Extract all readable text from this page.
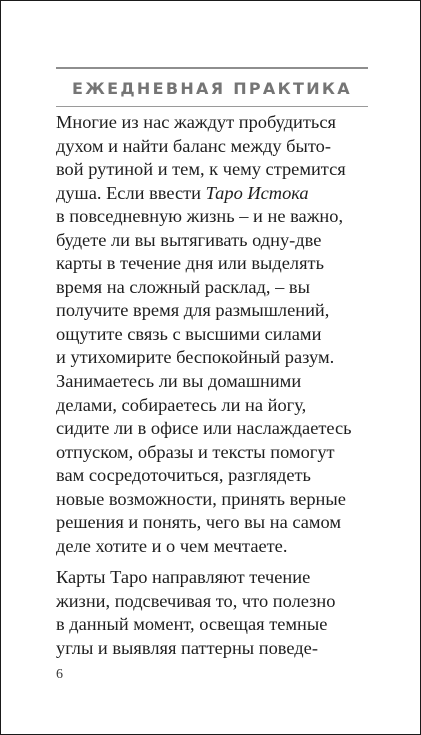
ЕЖЕДНЕВНАЯ ПРАКТИКА

Многие из нас жаждут пробудиться
духом и найти баланс между быто-
вой рутиной и тем, к чему стремится
душа. Если ввести Таро Истока
в повседневную жизнь – и не важно,
будете ли вы вытягивать одну-две
карты в течение дня или выделять
время на сложный расклад, – вы
получите время для размышлений,
ощутите связь с высшими силами
и утихомирите беспокойный разум.
Занимаетесь ли вы домашними
делами, собираетесь ли на йогу,
сидите ли в офисе или наслаждаетесь
отпуском, образы и тексты помогут
вам сосредоточиться, разглядеть
новые возможности, принять верные
решения и понять, чего вы на самом
деле хотите и о чем мечтаете.

Карты Таро направляют течение
жизни, подсвечивая то, что полезно
в данный момент, освещая темные
углы и выявляя паттерны поведе-

6
